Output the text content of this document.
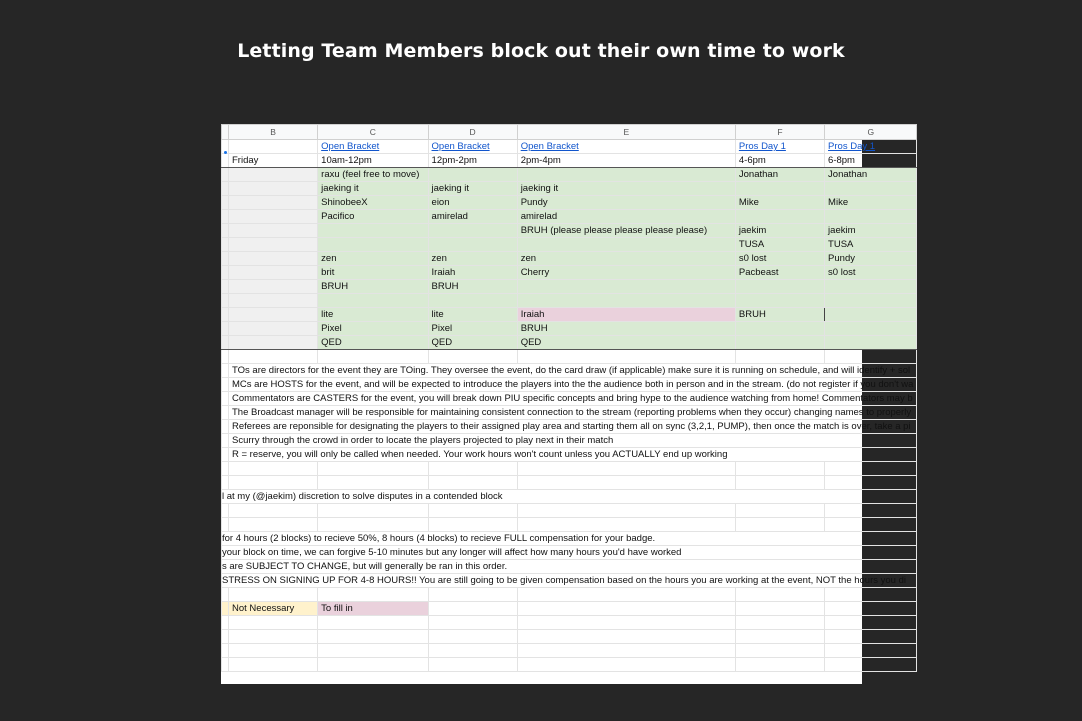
Letting Team Members block out their own time to work
	B	C	D	E	F	G
		Open Bracket	Open Bracket	Open Bracket	Pros Day 1	Pros Day 1
	Friday	10am-12pm	12pm-2pm	2pm-4pm	4-6pm	6-8pm
		raxu (feel free to move)			Jonathan	Jonathan
		jaeking it	jaeking it	jaeking it		
		ShinobeeX	eion	Pundy	Mike	Mike
		Pacifico	amirelad	amirelad		
				BRUH (please please please please please)	jaekim	jaekim
					TUSA	TUSA
		zen	zen	zen	s0 lost	Pundy
		brit	Iraiah	Cherry	Pacbeast	s0 lost
		BRUH	BRUH			

		lite	lite	Iraiah	BRUH	
		Pixel	Pixel	BRUH		
		QED	QED	QED		

	TOs are directors for the event they are TOing. They oversee the event, do the card draw (if applicable) make sure it is running on schedule, and will identify + sol					
	MCs are HOSTS for the event, and will be expected to introduce the players into the the audience both in person and in the stream. (do not register if you don't wa					
	Commentators are CASTERS for the event, you will break down PIU specific concepts and bring hype to the audience watching from home! Commentators may b					
	The Broadcast manager will be responsible for maintaining consistent connection to the stream (reporting problems when they occur) changing names to properly					
	Referees are reponsible for designating the players to their assigned play area and starting them all on sync (3,2,1, PUMP), then once the match is over, take a pi					
	Scurry through the crowd in order to locate the players projected to play next in their match					
	R = reserve, you will only be called when needed. Your work hours won't count unless you ACTUALLY end up working					

l at my (@jaekim) discretion to solve disputes in a contended block						

for 4 hours (2 blocks) to recieve 50%, 8 hours (4 blocks) to recieve FULL compensation for your badge.						
your block on time, we can forgive 5-10 minutes but any longer will affect how many hours you'd have worked						
s are SUBJECT TO CHANGE, but will generally be ran in this order.						
STRESS ON SIGNING UP FOR 4-8 HOURS!! You are still going to be given compensation based on the hours you are working at the event, NOT the hours you di						

	Not Necessary	To fill in				
